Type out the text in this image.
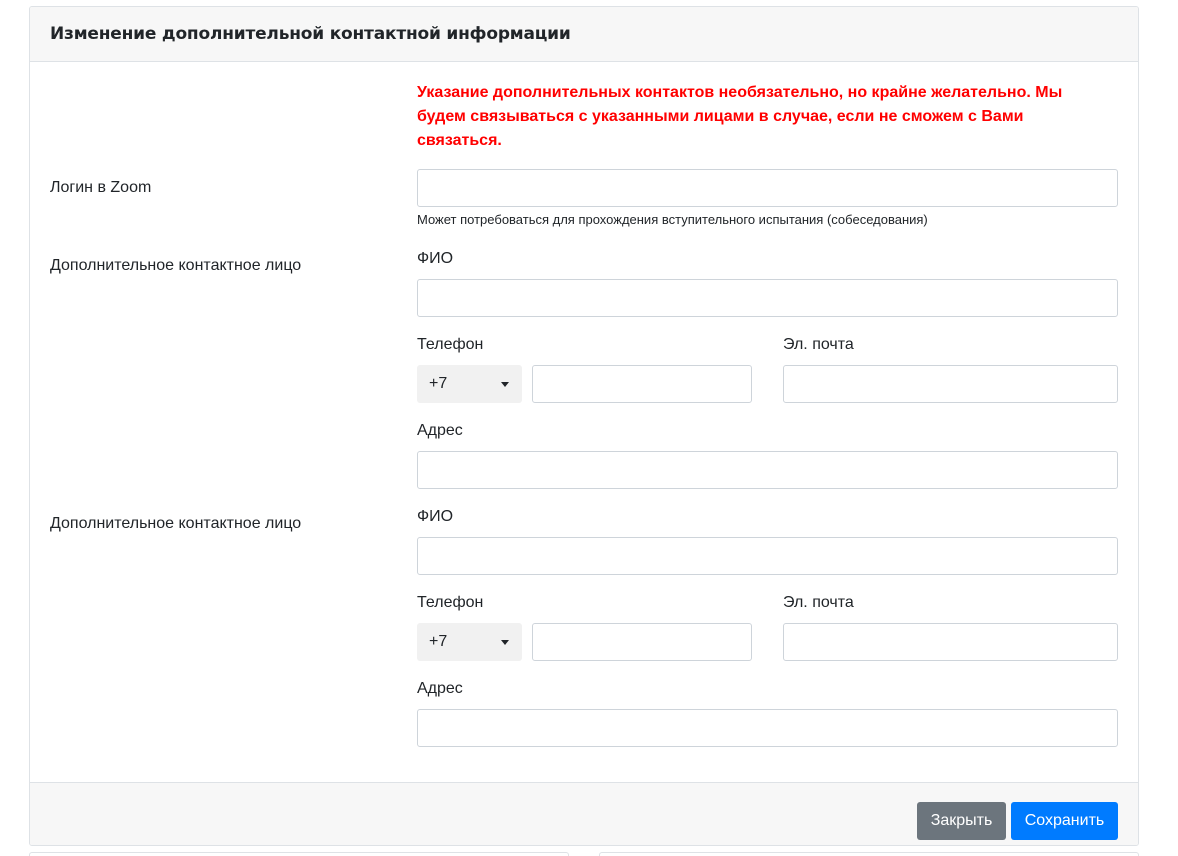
Изменение дополнительной контактной информации
Указание дополнительных контактов необязательно, но крайне желательно. Мы будем связываться с указанными лицами в случае, если не сможем с Вами связаться.
Логин в Zoom
Может потребоваться для прохождения вступительного испытания (собеседования)
Дополнительное контактное лицо	ФИО
Телефон
+7
Эл. почта
Адрес
Дополнительное контактное лицо	ФИО
Телефон
+7
Эл. почта
Адрес
Закрыть	Сохранить
